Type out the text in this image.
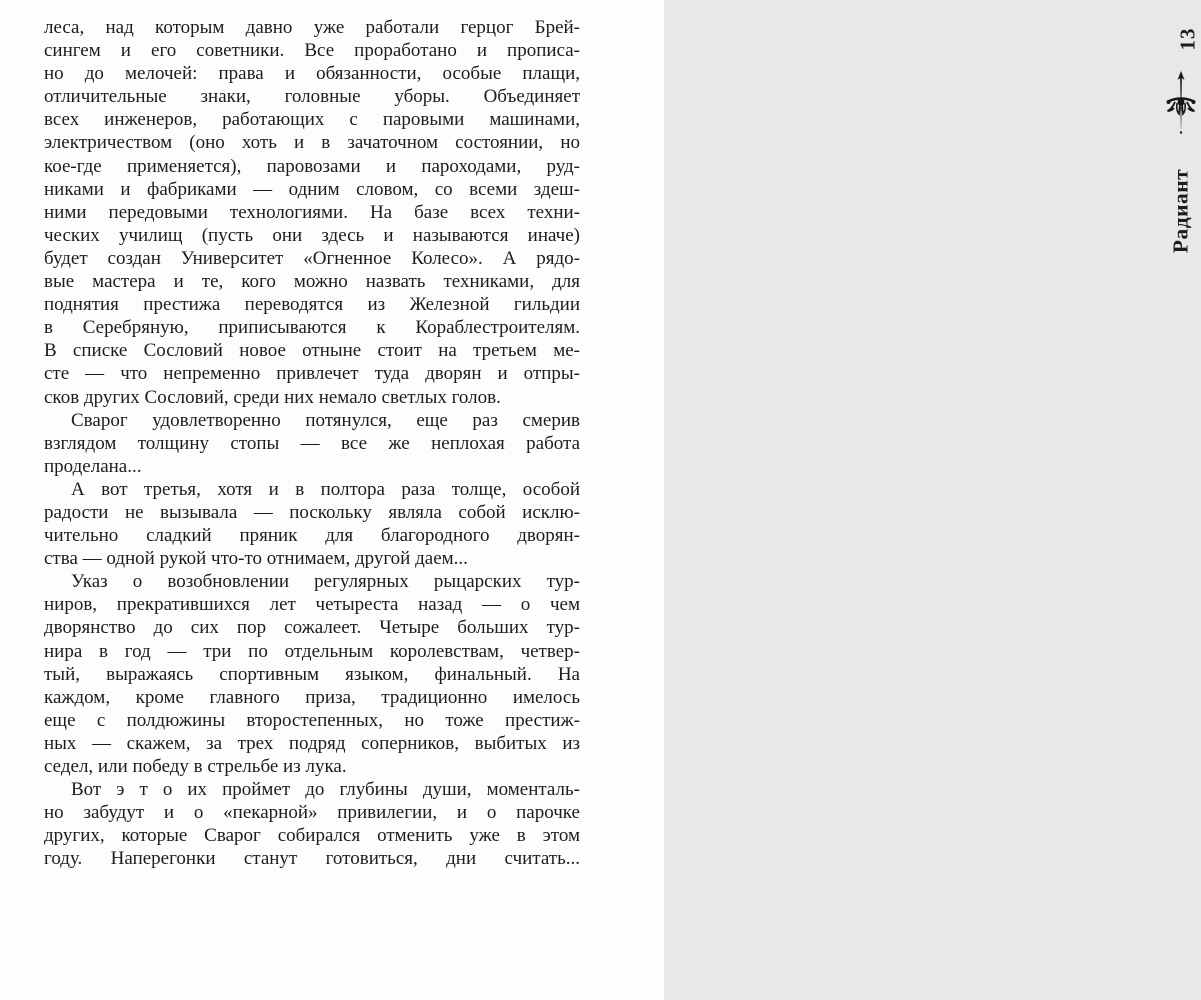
леса, над которым давно уже работали герцог Брей-
сингем и его советники. Все проработано и прописа-
но до мелочей: права и обязанности, особые плащи,
отличительные знаки, головные уборы. Объединяет
всех инженеров, работающих с паровыми машинами,
электричеством (оно хоть и в зачаточном состоянии, но
кое-где применяется), паровозами и пароходами, руд-
никами и фабриками — одним словом, со всеми здеш-
ними передовыми технологиями. На базе всех техни-
ческих училищ (пусть они здесь и называются иначе)
будет создан Университет «Огненное Колесо». А рядо-
вые мастера и те, кого можно назвать техниками, для
поднятия престижа переводятся из Железной гильдии
в Серебряную, приписываются к Кораблестроителям.
В списке Сословий новое отныне стоит на третьем ме-
сте — что непременно привлечет туда дворян и отпры-
сков других Сословий, среди них немало светлых голов.
Сварог удовлетворенно потянулся, еще раз смерив
взглядом толщину стопы — все же неплохая работа
проделана...
А вот третья, хотя и в полтора раза толще, особой
радости не вызывала — поскольку являла собой исклю-
чительно сладкий пряник для благородного дворян-
ства — одной рукой что-то отнимаем, другой даем...
Указ о возобновлении регулярных рыцарских тур-
ниров, прекратившихся лет четыреста назад — о чем
дворянство до сих пор сожалеет. Четыре больших тур-
нира в год — три по отдельным королевствам, четвер-
тый, выражаясь спортивным языком, финальный. На
каждом, кроме главного приза, традиционно имелось
еще с полдюжины второстепенных, но тоже престиж-
ных — скажем, за трех подряд соперников, выбитых из
седел, или победу в стрельбе из лука.
Вот э т о их проймет до глубины души, моменталь-
но забудут и о «пекарной» привилегии, и о парочке
других, которые Сварог собирался отменить уже в этом
году. Наперегонки станут готовиться, дни считать...
13
Радиант
